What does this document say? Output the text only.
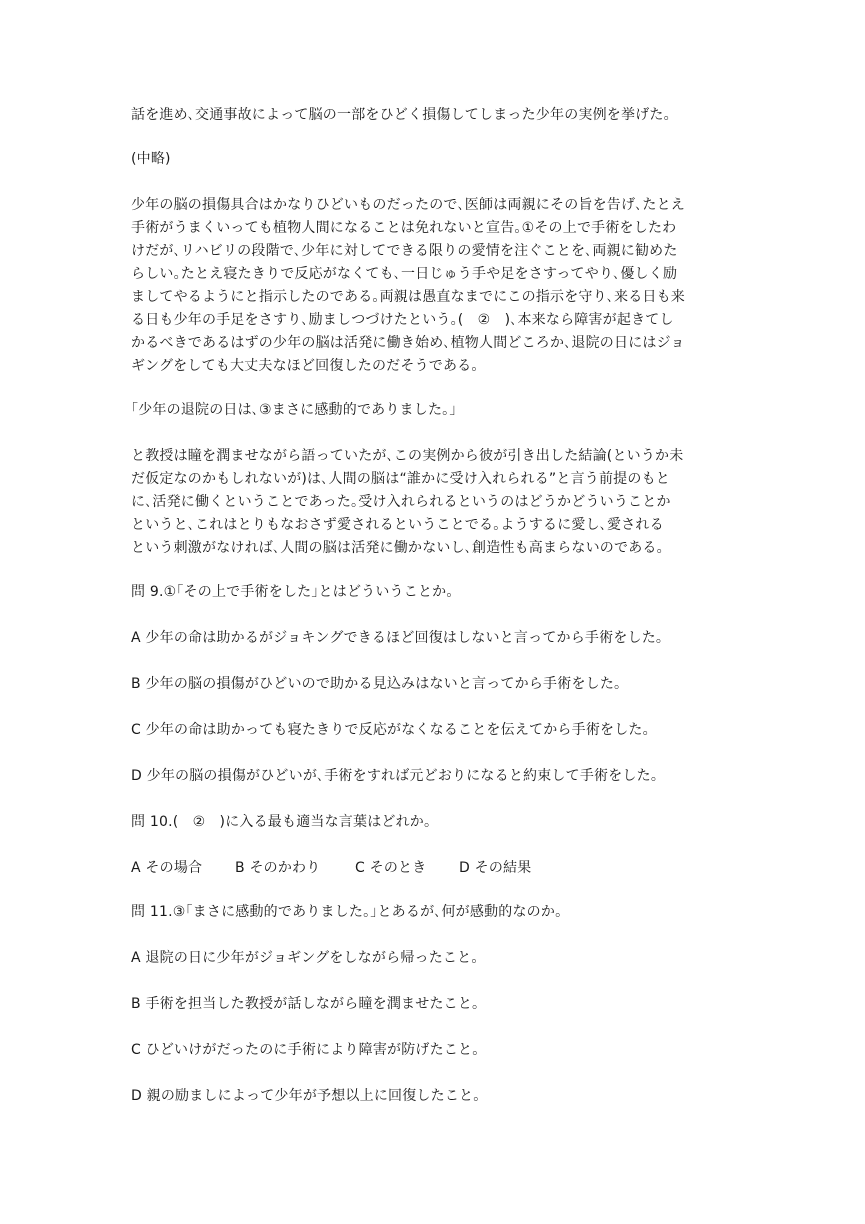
話を進め､交通事故によって脳の一部をひどく損傷してしまった少年の実例を挙げた｡
(中略)
少年の脳の損傷具合はかなりひどいものだったので､医師は両親にその旨を告げ､たとえ
手術がうまくいっても植物人間になることは免れないと宣告｡①その上で手術をしたわ
けだが､リハビリの段階で､少年に対してできる限りの愛情を注ぐことを､両親に勧めた
らしい｡たとえ寝たきりで反応がなくても､一日じゅう手や足をさすってやり､優しく励
ましてやるようにと指示したのである｡両親は愚直なまでにこの指示を守り､来る日も来
る日も少年の手足をさすり､励ましつづけたという｡(　②　)､本来なら障害が起きてし
かるべきであるはずの少年の脳は活発に働き始め､植物人間どころか､退院の日にはジョ
ギングをしても大丈夫なほど回復したのだそうである｡
｢少年の退院の日は､③まさに感動的でありました｡｣
と教授は瞳を潤ませながら語っていたが､この実例から彼が引き出した結論(というか未
だ仮定なのかもしれないが)は､人間の脳は“誰かに受け入れられる”と言う前提のもと
に､活発に働くということであった｡受け入れられるというのはどうかどういうことか
というと､これはとりもなおさず愛されるということでる｡ようするに愛し､愛される
という刺激がなければ､人間の脳は活発に働かないし､創造性も高まらないのである｡
問 9.①｢その上で手術をした｣とはどういうことか｡
A 少年の命は助かるがジョキングできるほど回復はしないと言ってから手術をした｡
B 少年の脳の損傷がひどいので助かる見込みはないと言ってから手術をした｡
C 少年の命は助かっても寝たきりで反応がなくなることを伝えてから手術をした｡
D 少年の脳の損傷がひどいが､手術をすれば元どおりになると約束して手術をした｡
問 10.(　②　)に入る最も適当な言葉はどれか｡
A その場合 B そのかわり C そのとき D その結果
問 11.③｢まさに感動的でありました｡｣とあるが､何が感動的なのか｡
A 退院の日に少年がジョギングをしながら帰ったこと｡
B 手術を担当した教授が話しながら瞳を潤ませたこと｡
C ひどいけがだったのに手術により障害が防げたこと｡
D 親の励ましによって少年が予想以上に回復したこと｡
